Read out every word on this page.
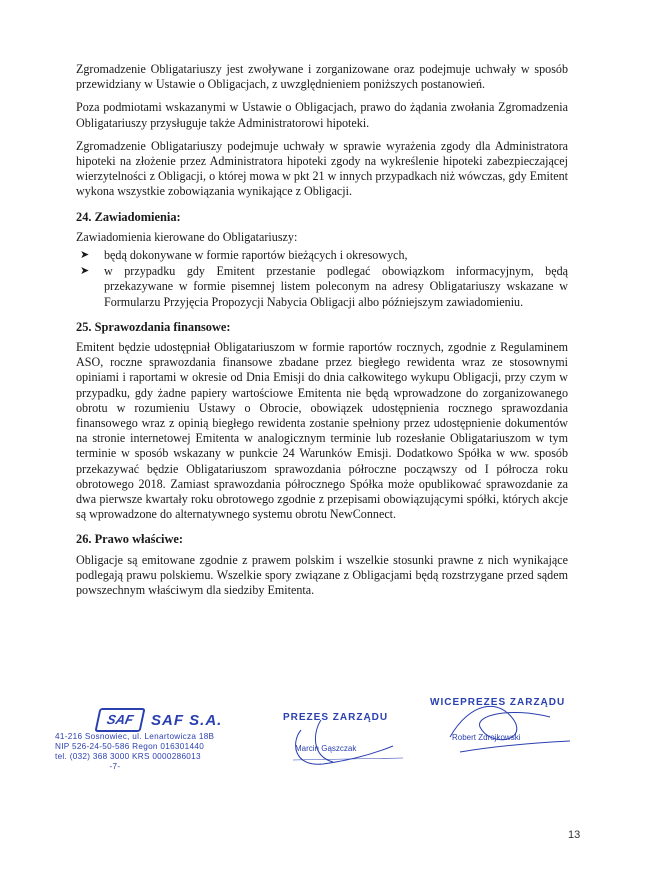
Zgromadzenie Obligatariuszy jest zwoływane i zorganizowane oraz podejmuje uchwały w sposób przewidziany w Ustawie o Obligacjach, z uwzględnieniem poniższych postanowień.

Poza podmiotami wskazanymi w Ustawie o Obligacjach, prawo do żądania zwołania Zgromadzenia Obligatariuszy przysługuje także Administratorowi hipoteki.

Zgromadzenie Obligatariuszy podejmuje uchwały w sprawie wyrażenia zgody dla Administratora hipoteki na złożenie przez Administratora hipoteki zgody na wykreślenie hipoteki zabezpieczającej wierzytelności z Obligacji, o której mowa w pkt 21 w innych przypadkach niż wówczas, gdy Emitent wykona wszystkie zobowiązania wynikające z Obligacji.

24. Zawiadomienia:

Zawiadomienia kierowane do Obligatariuszy:

➤ będą dokonywane w formie raportów bieżących i okresowych,
➤ w przypadku gdy Emitent przestanie podlegać obowiązkom informacyjnym, będą przekazywane w formie pisemnej listem poleconym na adresy Obligatariuszy wskazane w Formularzu Przyjęcia Propozycji Nabycia Obligacji albo późniejszym zawiadomieniu.
25. Sprawozdania finansowe:

Emitent będzie udostępniał Obligatariuszom w formie raportów rocznych, zgodnie z Regulaminem ASO, roczne sprawozdania finansowe zbadane przez biegłego rewidenta wraz ze stosownymi opiniami i raportami w okresie od Dnia Emisji do dnia całkowitego wykupu Obligacji, przy czym w przypadku, gdy żadne papiery wartościowe Emitenta nie będą wprowadzone do zorganizowanego obrotu w rozumieniu Ustawy o Obrocie, obowiązek udostępnienia rocznego sprawozdania finansowego wraz z opinią biegłego rewidenta zostanie spełniony przez udostępnienie dokumentów na stronie internetowej Emitenta w analogicznym terminie lub rozesłanie Obligatariuszom w tym terminie w sposób wskazany w punkcie 24 Warunków Emisji. Dodatkowo Spółka w ww. sposób przekazywać będzie Obligatariuszom sprawozdania półroczne począwszy od I półrocza roku obrotowego 2018. Zamiast sprawozdania półrocznego Spółka może opublikować sprawozdanie za dwa pierwsze kwartały roku obrotowego zgodnie z przepisami obowiązującymi spółki, których akcje są wprowadzone do alternatywnego systemu obrotu NewConnect.

26. Prawo właściwe:

Obligacje są emitowane zgodnie z prawem polskim i wszelkie stosunki prawne z nich wynikające podlegają prawu polskiemu. Wszelkie spory związane z Obligacjami będą rozstrzygane przed sądem powszechnym właściwym dla siedziby Emitenta.

SAF	SAF S.A.
41-216 Sosnowiec, ul. Lenartowicza 18B
NIP 526-24-50-586 Regon 016301440
tel. (032) 368 3000 KRS 0000286013
-7-
PREZES ZARZĄDU
Marcin Gąszczak
WICEPREZES ZARZĄDU
Robert Zdrojkowski
13
